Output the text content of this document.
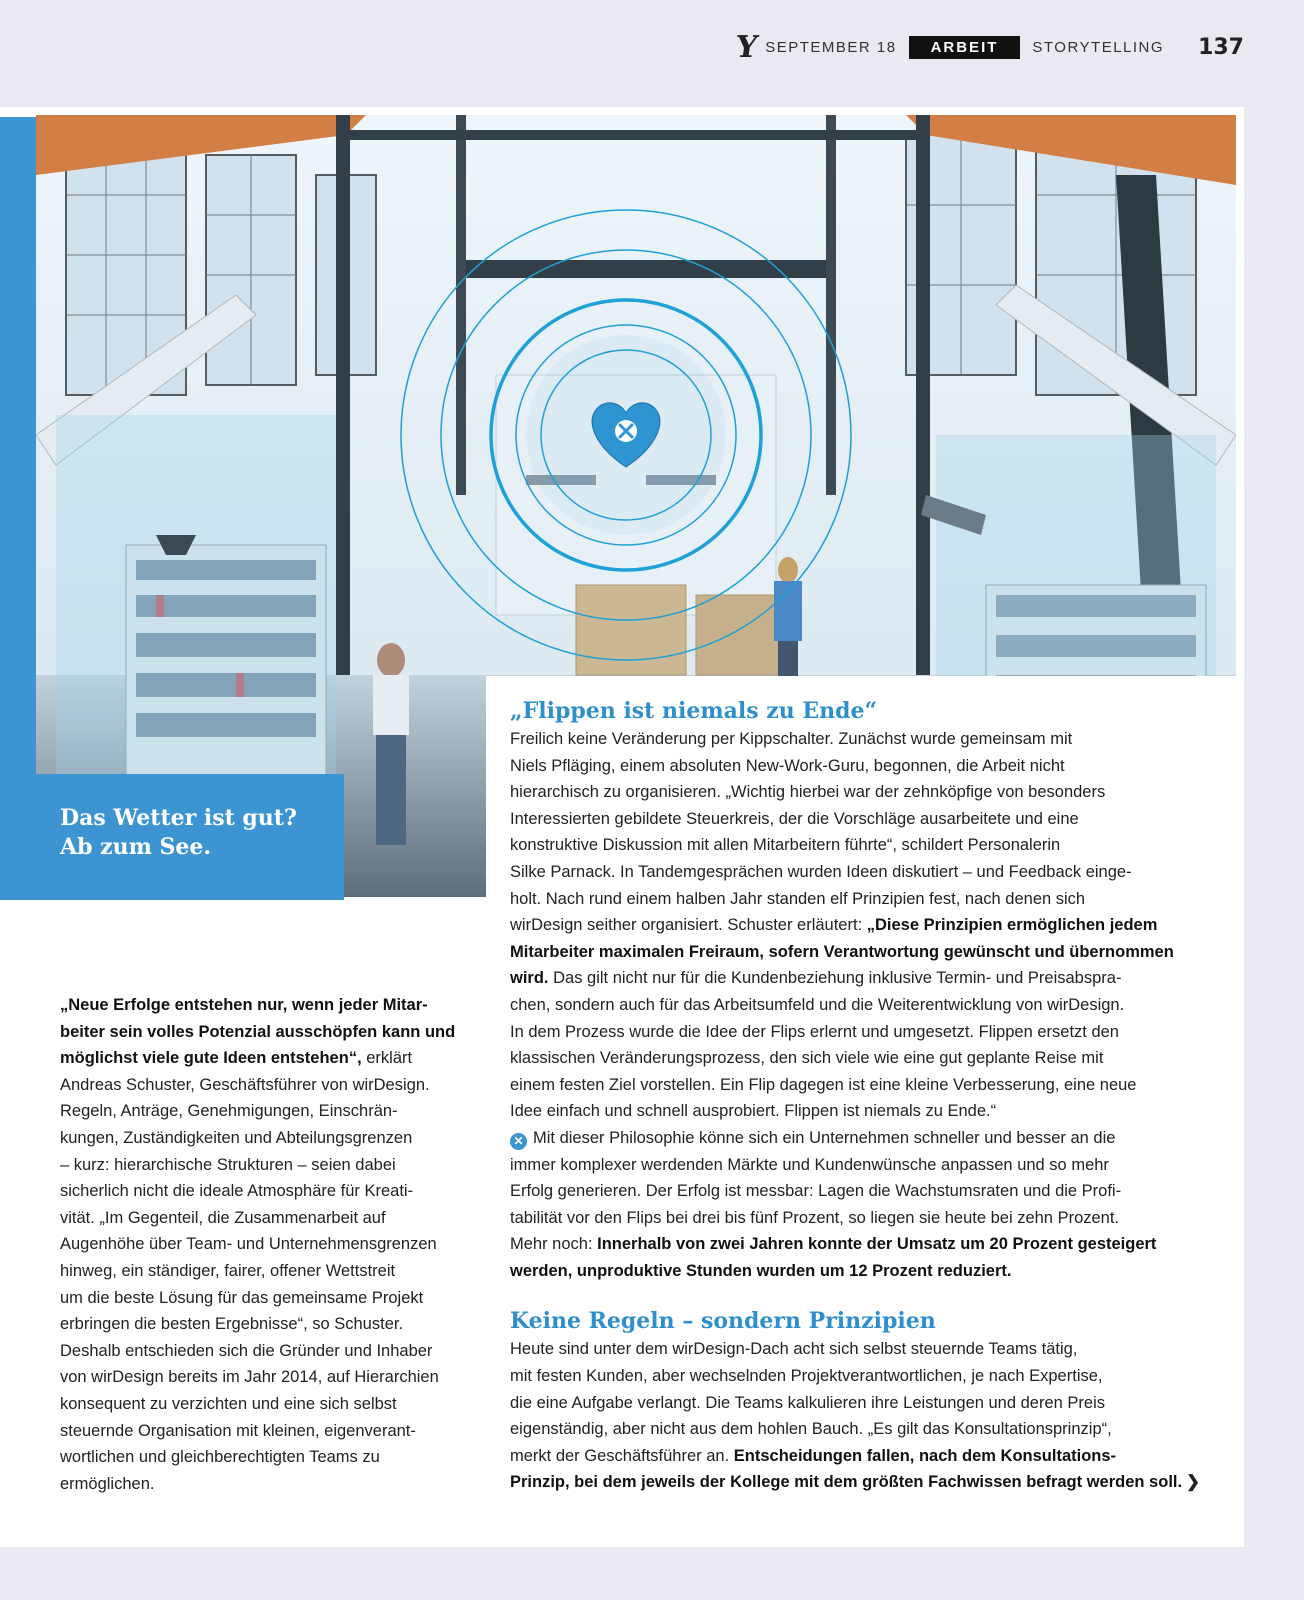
Y SEPTEMBER 18	ARBEIT	STORYTELLING 137
Das Wetter ist gut?
Ab zum See.
„Neue Erfolge entstehen nur, wenn jeder Mitar-
beiter sein volles Potenzial ausschöpfen kann und
möglichst viele gute Ideen entstehen“, erklärt
Andreas Schuster, Geschäftsführer von wirDesign.
Regeln, Anträge, Genehmigungen, Einschrän-
kungen, Zuständigkeiten und Abteilungsgrenzen
– kurz: hierarchische Strukturen – seien dabei
sicherlich nicht die ideale Atmosphäre für Kreati-
vität. „Im Gegenteil, die Zusammenarbeit auf
Augenhöhe über Team- und Unternehmensgrenzen
hinweg, ein ständiger, fairer, offener Wettstreit
um die beste Lösung für das gemeinsame Projekt
erbringen die besten Ergebnisse“, so Schuster.
Deshalb entschieden sich die Gründer und Inhaber
von wirDesign bereits im Jahr 2014, auf Hierarchien
konsequent zu verzichten und eine sich selbst
steuernde Organisation mit kleinen, eigenverant-
wortlichen und gleichberechtigten Teams zu
ermöglichen.
„Flippen ist niemals zu Ende“
Freilich keine Veränderung per Kippschalter. Zunächst wurde gemeinsam mit
Niels Pfläging, einem absoluten New-Work-Guru, begonnen, die Arbeit nicht
hierarchisch zu organisieren. „Wichtig hierbei war der zehnköpfige von besonders
Interessierten gebildete Steuerkreis, der die Vorschläge ausarbeitete und eine
konstruktive Diskussion mit allen Mitarbeitern führte“, schildert Personalerin
Silke Parnack. In Tandemgesprächen wurden Ideen diskutiert – und Feedback einge-
holt. Nach rund einem halben Jahr standen elf Prinzipien fest, nach denen sich
wirDesign seither organisiert. Schuster erläutert: „Diese Prinzipien ermöglichen jedem
Mitarbeiter maximalen Freiraum, sofern Verantwortung gewünscht und übernommen
wird. Das gilt nicht nur für die Kundenbeziehung inklusive Termin- und Preisabspra-
chen, sondern auch für das Arbeitsumfeld und die Weiterentwicklung von wirDesign.
In dem Prozess wurde die Idee der Flips erlernt und umgesetzt. Flippen ersetzt den
klassischen Veränderungsprozess, den sich viele wie eine gut geplante Reise mit
einem festen Ziel vorstellen. Ein Flip dagegen ist eine kleine Verbesserung, eine neue
Idee einfach und schnell ausprobiert. Flippen ist niemals zu Ende.“
✕ Mit dieser Philosophie könne sich ein Unternehmen schneller und besser an die
immer komplexer werdenden Märkte und Kundenwünsche anpassen und so mehr
Erfolg generieren. Der Erfolg ist messbar: Lagen die Wachstumsraten und die Profi-
tabilität vor den Flips bei drei bis fünf Prozent, so liegen sie heute bei zehn Prozent.
Mehr noch: Innerhalb von zwei Jahren konnte der Umsatz um 20 Prozent gesteigert
werden, unproduktive Stunden wurden um 12 Prozent reduziert.
Keine Regeln – sondern Prinzipien
Heute sind unter dem wirDesign-Dach acht sich selbst steuernde Teams tätig,
mit festen Kunden, aber wechselnden Projektverantwortlichen, je nach Expertise,
die eine Aufgabe verlangt. Die Teams kalkulieren ihre Leistungen und deren Preis
eigenständig, aber nicht aus dem hohlen Bauch. „Es gilt das Konsultationsprinzip“,
merkt der Geschäftsführer an. Entscheidungen fallen, nach dem Konsultations-
Prinzip, bei dem jeweils der Kollege mit dem größten Fachwissen befragt werden soll. ❯
